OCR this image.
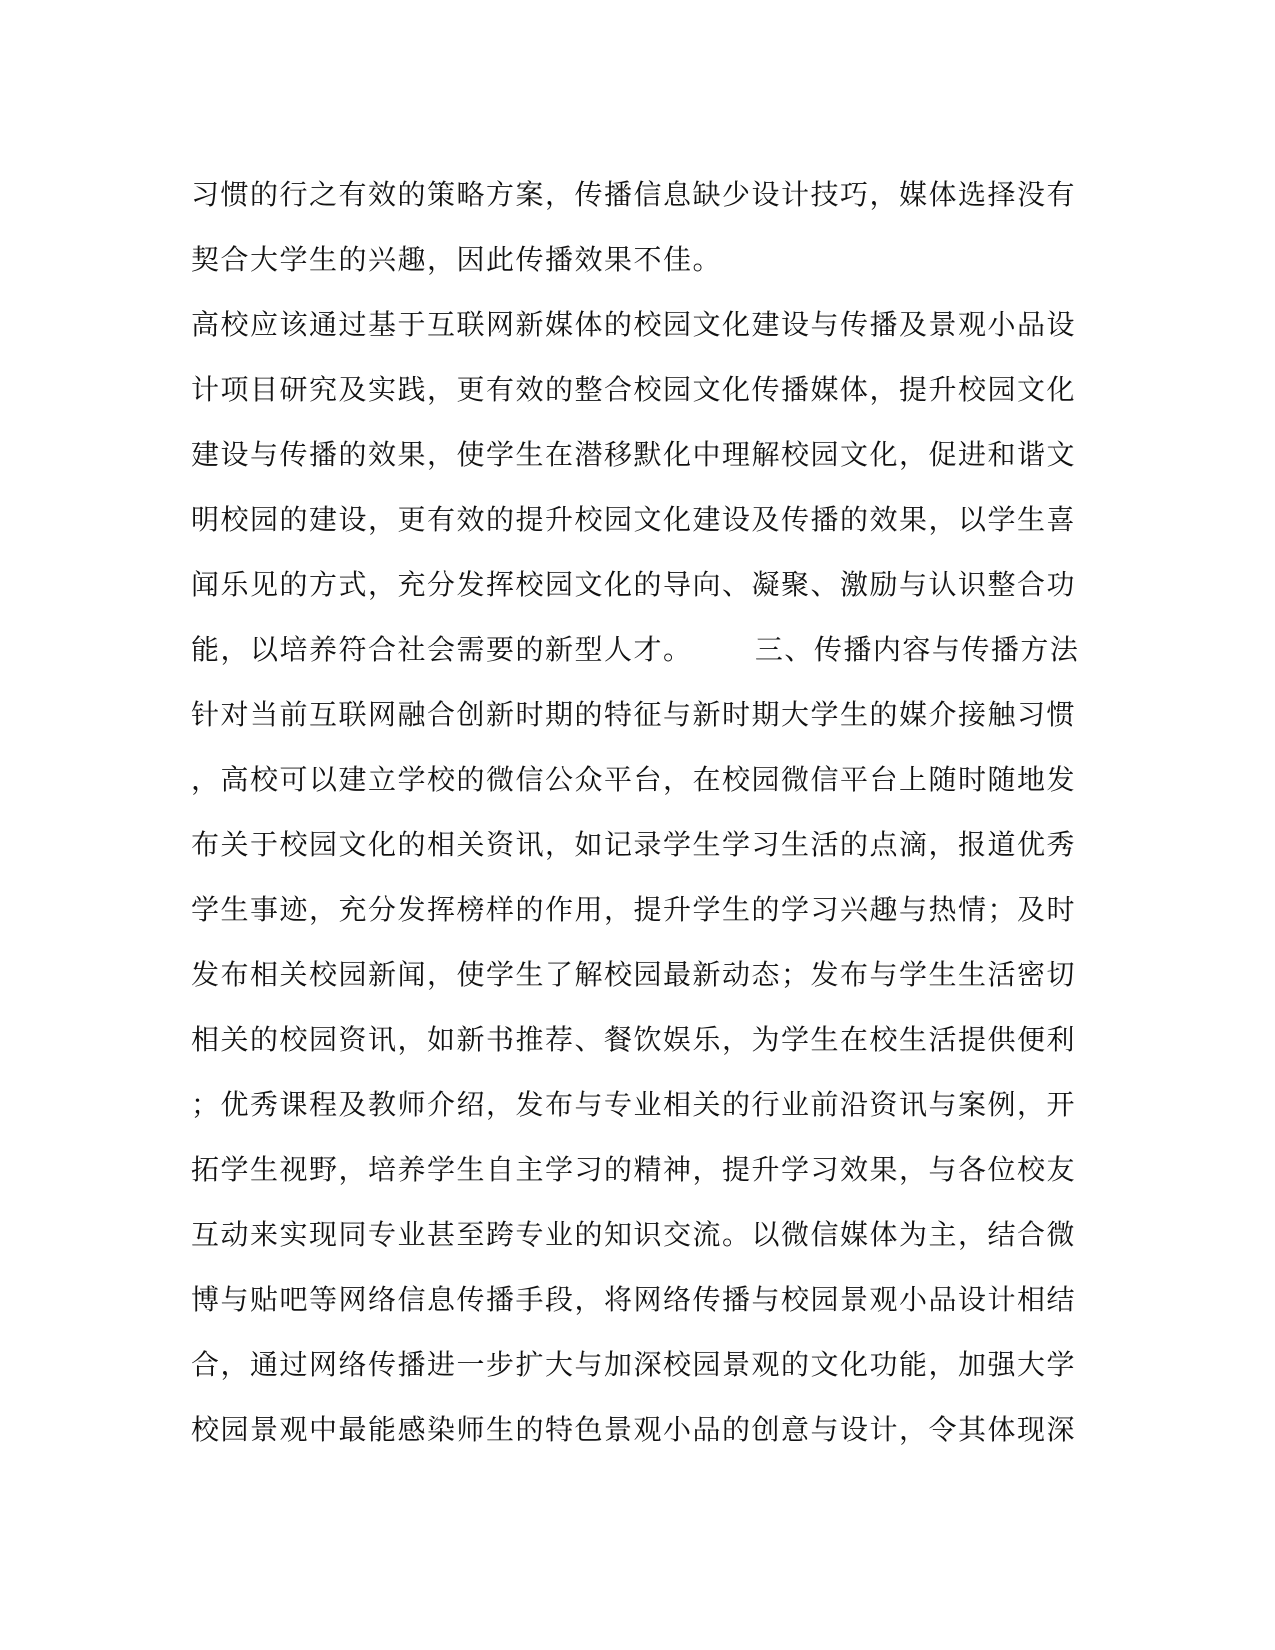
习惯的行之有效的策略方案，传播信息缺少设计技巧，媒体选择没有
契合大学生的兴趣，因此传播效果不佳。
高校应该通过基于互联网新媒体的校园文化建设与传播及景观小品设
计项目研究及实践，更有效的整合校园文化传播媒体，提升校园文化
建设与传播的效果，使学生在潜移默化中理解校园文化，促进和谐文
明校园的建设，更有效的提升校园文化建设及传播的效果，以学生喜
闻乐见的方式，充分发挥校园文化的导向、凝聚、激励与认识整合功
能，以培养符合社会需要的新型人才。      三、传播内容与传播方法
针对当前互联网融合创新时期的特征与新时期大学生的媒介接触习惯
，高校可以建立学校的微信公众平台，在校园微信平台上随时随地发
布关于校园文化的相关资讯，如记录学生学习生活的点滴，报道优秀
学生事迹，充分发挥榜样的作用，提升学生的学习兴趣与热情；及时
发布相关校园新闻，使学生了解校园最新动态；发布与学生生活密切
相关的校园资讯，如新书推荐、餐饮娱乐，为学生在校生活提供便利
；优秀课程及教师介绍，发布与专业相关的行业前沿资讯与案例，开
拓学生视野，培养学生自主学习的精神，提升学习效果，与各位校友
互动来实现同专业甚至跨专业的知识交流。以微信媒体为主，结合微
博与贴吧等网络信息传播手段，将网络传播与校园景观小品设计相结
合，通过网络传播进一步扩大与加深校园景观的文化功能，加强大学
校园景观中最能感染师生的特色景观小品的创意与设计，令其体现深
